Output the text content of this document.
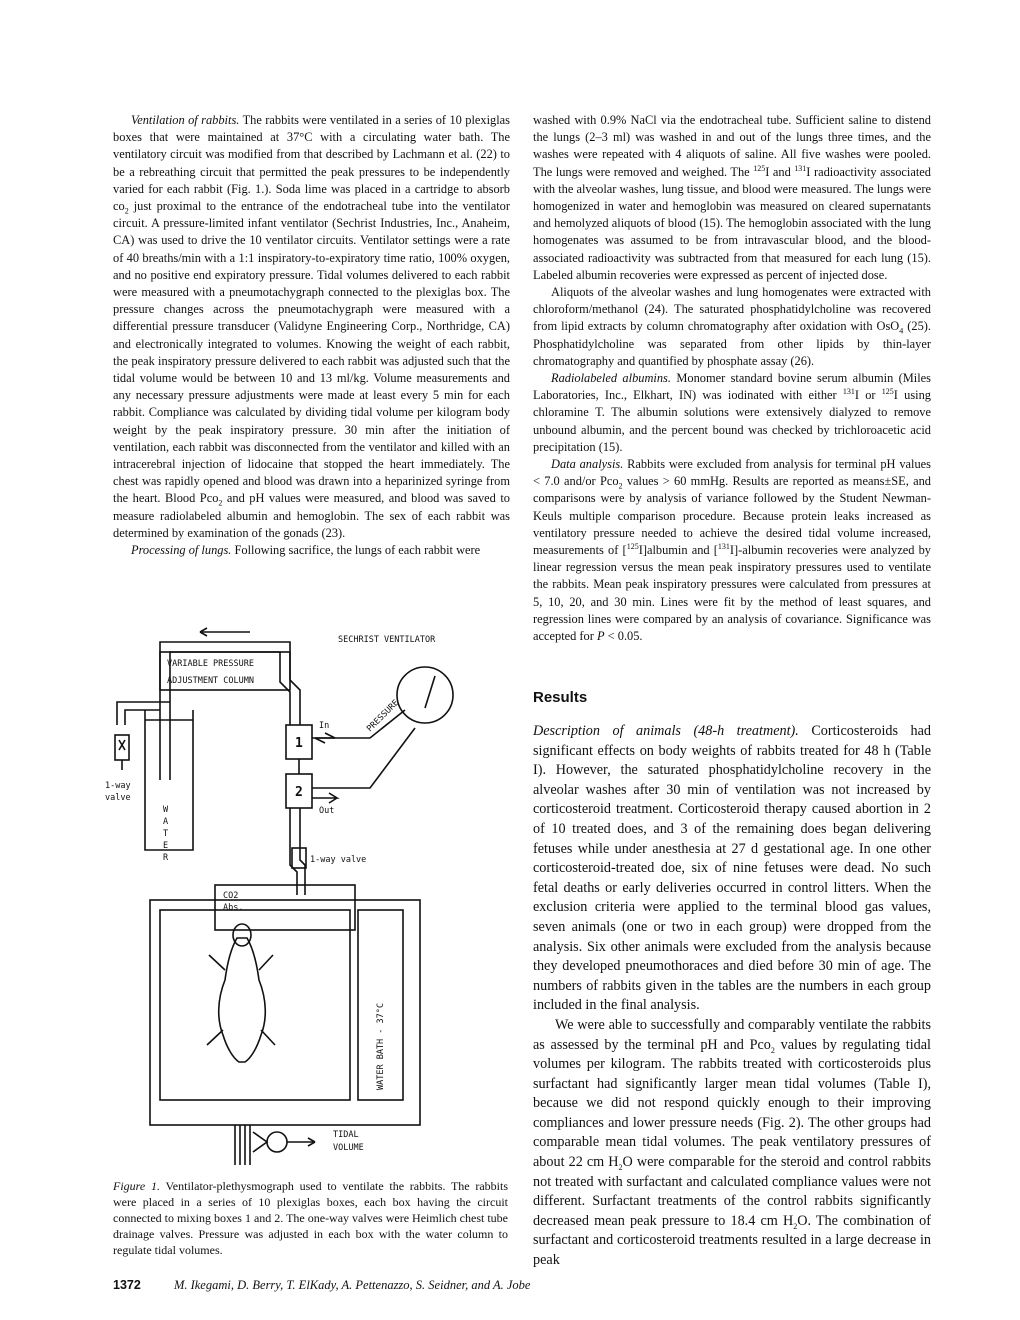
Ventilation of rabbits. The rabbits were ventilated in a series of 10 plexiglas boxes that were maintained at 37°C with a circulating water bath. The ventilatory circuit was modified from that described by Lachmann et al. (22) to be a rebreathing circuit that permitted the peak pressures to be independently varied for each rabbit (Fig. 1.). Soda lime was placed in a cartridge to absorb $co_2$ just proximal to the entrance of the endotracheal tube into the ventilator circuit. A pressure-limited infant ventilator (Sechrist Industries, Inc., Anaheim, CA) was used to drive the 10 ventilator circuits. Ventilator settings were a rate of 40 breaths/min with a 1:1 inspiratory-to-expiratory time ratio, 100% oxygen, and no positive end expiratory pressure. Tidal volumes delivered to each rabbit were measured with a pneumotachygraph connected to the plexiglas box. The pressure changes across the pneumotachygraph were measured with a differential pressure transducer (Validyne Engineering Corp., Northridge, CA) and electronically integrated to volumes. Knowing the weight of each rabbit, the peak inspiratory pressure delivered to each rabbit was adjusted such that the tidal volume would be between 10 and 13 ml/kg. Volume measurements and any necessary pressure adjustments were made at least every 5 min for each rabbit. Compliance was calculated by dividing tidal volume per kilogram body weight by the peak inspiratory pressure. 30 min after the initiation of ventilation, each rabbit was disconnected from the ventilator and killed with an intracerebral injection of lidocaine that stopped the heart immediately. The chest was rapidly opened and blood was drawn into a heparinized syringe from the heart. Blood Pco$_2$ and pH values were measured, and blood was saved to measure radiolabeled albumin and hemoglobin. The sex of each rabbit was determined by examination of the gonads (23).

Processing of lungs. Following sacrifice, the lungs of each rabbit were

washed with 0.9% NaCl via the endotracheal tube. Sufficient saline to distend the lungs (2–3 ml) was washed in and out of the lungs three times, and the washes were repeated with 4 aliquots of saline. All five washes were pooled. The lungs were removed and weighed. The $^{125}$I and $^{131}$I radioactivity associated with the alveolar washes, lung tissue, and blood were measured. The lungs were homogenized in water and hemoglobin was measured on cleared supernatants and hemolyzed aliquots of blood (15). The hemoglobin associated with the lung homogenates was assumed to be from intravascular blood, and the blood-associated radioactivity was subtracted from that measured for each lung (15). Labeled albumin recoveries were expressed as percent of injected dose.

Aliquots of the alveolar washes and lung homogenates were extracted with chloroform/methanol (24). The saturated phosphatidylcholine was recovered from lipid extracts by column chromatography after oxidation with OsO$_4$ (25). Phosphatidylcholine was separated from other lipids by thin-layer chromatography and quantified by phosphate assay (26).

Radiolabeled albumins. Monomer standard bovine serum albumin (Miles Laboratories, Inc., Elkhart, IN) was iodinated with either $^{131}$I or $^{125}$I using chloramine T. The albumin solutions were extensively dialyzed to remove unbound albumin, and the percent bound was checked by trichloroacetic acid precipitation (15).

Data analysis. Rabbits were excluded from analysis for terminal pH values < 7.0 and/or Pco$_2$ values > 60 mmHg. Results are reported as means±SE, and comparisons were by analysis of variance followed by the Student Newman-Keuls multiple comparison procedure. Because protein leaks increased as ventilatory pressure needed to achieve the desired tidal volume increased, measurements of [$^{125}$I]albumin and [$^{131}$I]-albumin recoveries were analyzed by linear regression versus the mean peak inspiratory pressures used to ventilate the rabbits. Mean peak inspiratory pressures were calculated from pressures at 5, 10, 20, and 30 min. Lines were fit by the method of least squares, and regression lines were compared by an analysis of covariance. Significance was accepted for P < 0.05.

Results

Description of animals (48-h treatment). Corticosteroids had significant effects on body weights of rabbits treated for 48 h (Table I). However, the saturated phosphatidylcholine recovery in the alveolar washes after 30 min of ventilation was not increased by corticosteroid treatment. Corticosteroid therapy caused abortion in 2 of 10 treated does, and 3 of the remaining does began delivering fetuses while under anesthesia at 27 d gestational age. In one other corticosteroid-treated doe, six of nine fetuses were dead. No such fetal deaths or early deliveries occurred in control litters. When the exclusion criteria were applied to the terminal blood gas values, seven animals (one or two in each group) were dropped from the analysis. Six other animals were excluded from the analysis because they developed pneumothoraces and died before 30 min of age. The numbers of rabbits given in the tables are the numbers in each group included in the final analysis.

We were able to successfully and comparably ventilate the rabbits as assessed by the terminal pH and Pco$_2$ values by regulating tidal volumes per kilogram. The rabbits treated with corticosteroids plus surfactant had significantly larger mean tidal volumes (Table I), because we did not respond quickly enough to their improving compliances and lower pressure needs (Fig. 2). The other groups had comparable mean tidal volumes. The peak ventilatory pressures of about 22 cm $H_2O$ were comparable for the steroid and control rabbits not treated with surfactant and calculated compliance values were not different. Surfactant treatments of the control rabbits significantly decreased mean peak pressure to 18.4 cm $H_2O$. The combination of surfactant and corticosteroid treatments resulted in a large decrease in peak

SECHRIST VENTILATOR
VARIABLE PRESSURE
ADJUSTMENT COLUMN
PRESSURE
In
Out
1
2
1-way valve
1-way
valve
W
A
T
E
R
CO2
Abs.
WATER BATH - 37°C
TIDAL
VOLUME

Figure 1. Ventilator-plethysmograph used to ventilate the rabbits. The rabbits were placed in a series of 10 plexiglas boxes, each box having the circuit connected to mixing boxes 1 and 2. The one-way valves were Heimlich chest tube drainage valves. Pressure was adjusted in each box with the water column to regulate tidal volumes.

1372	M. Ikegami, D. Berry, T. ElKady, A. Pettenazzo, S. Seidner, and A. Jobe
